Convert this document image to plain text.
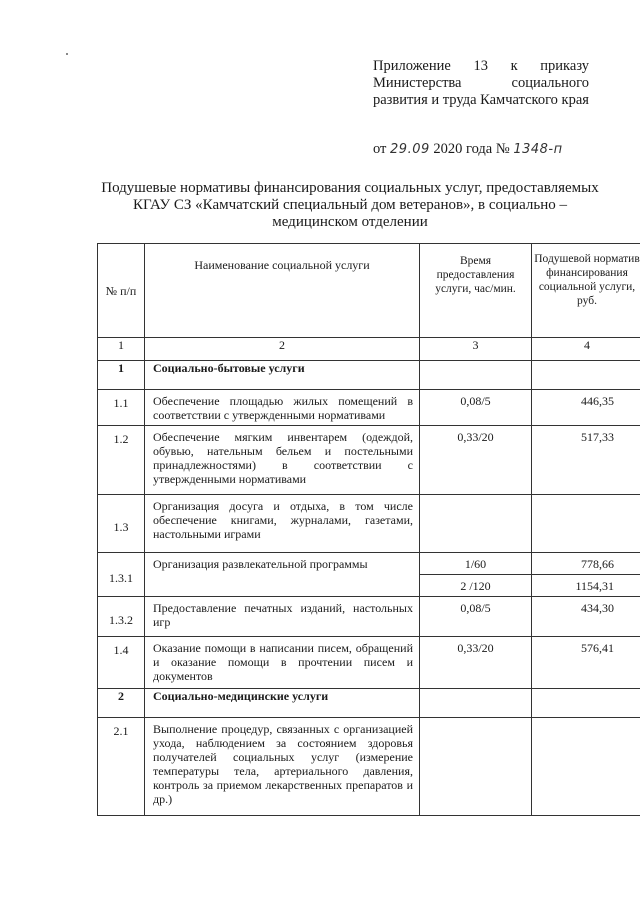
Приложение 13 к приказу Министерства социального развития и труда Камчатского края
от 29.09 2020 года № 1348-п
Подушевые нормативы финансирования социальных услуг, предоставляемых КГАУ СЗ «Камчатский специальный дом ветеранов», в социально – медицинском отделении
№ п/п	Наименование социальной услуги	Время предоставления услуги, час/мин.	Подушевой норматив финансирования социальной услуги, руб.
1	2	3	4
1	Социально-бытовые услуги		
1.1	Обеспечение площадью жилых помещений в соответствии с утвержденными нормативами	0,08/5	446,35
1.2	Обеспечение мягким инвентарем (одеждой, обувью, нательным бельем и постельными принадлежностями) в соответствии с утвержденными нормативами	0,33/20	517,33
1.3	Организация досуга и отдыха, в том числе обеспечение книгами, журналами, газетами, настольными играми		
1.3.1	Организация развлекательной программы	1/60	778,66
		2 /120	1154,31
1.3.2	Предоставление печатных изданий, настольных игр	0,08/5	434,30
1.4	Оказание помощи в написании писем, обращений и оказание помощи в прочтении писем и документов	0,33/20	576,41
2	Социально-медицинские услуги		
2.1	Выполнение процедур, связанных с организацией ухода, наблюдением за состоянием здоровья получателей социальных услуг (измерение температуры тела, артериального давления, контроль за приемом лекарственных препаратов и др.)		
